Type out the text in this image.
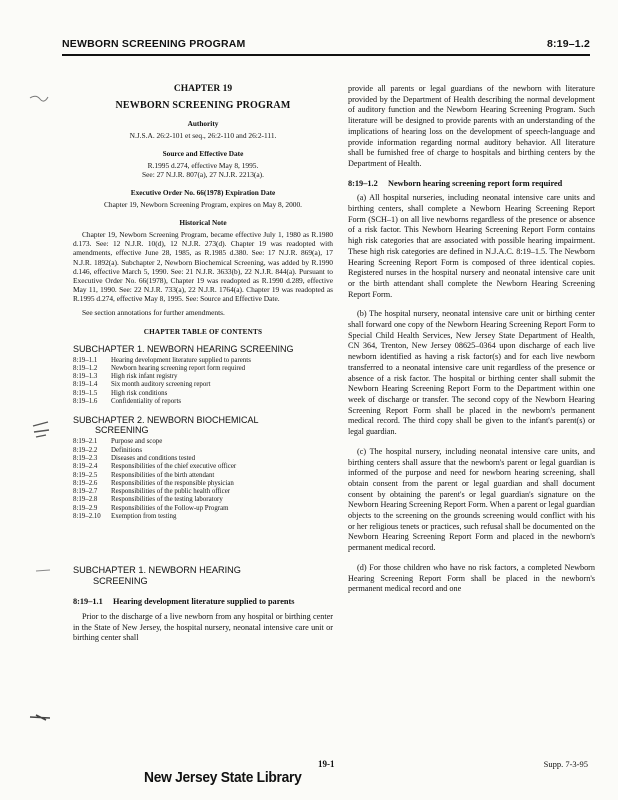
NEWBORN SCREENING PROGRAM	8:19–1.2

CHAPTER 19

NEWBORN SCREENING PROGRAM

Authority

N.J.S.A. 26:2-101 et seq., 26:2-110 and 26:2-111.

Source and Effective Date

R.1995 d.274, effective May 8, 1995.

See: 27 N.J.R. 807(a), 27 N.J.R. 2213(a).

Executive Order No. 66(1978) Expiration Date

Chapter 19, Newborn Screening Program, expires on May 8, 2000.

Historical Note

Chapter 19, Newborn Screening Program, became effective July 1, 1980 as R.1980 d.173. See: 12 N.J.R. 10(d), 12 N.J.R. 273(d). Chapter 19 was readopted with amendments, effective June 28, 1985, as R.1985 d.380. See: 17 N.J.R. 869(a), 17 N.J.R. 1892(a). Subchapter 2, Newborn Biochemical Screening, was added by R.1990 d.146, effective March 5, 1990. See: 21 N.J.R. 3633(b), 22 N.J.R. 844(a). Pursuant to Executive Order No. 66(1978), Chapter 19 was readopted as R.1990 d.289, effective May 11, 1990. See: 22 N.J.R. 733(a), 22 N.J.R. 1764(a). Chapter 19 was readopted as R.1995 d.274, effective May 8, 1995. See: Source and Effective Date.

See section annotations for further amendments.

CHAPTER TABLE OF CONTENTS

SUBCHAPTER 1. NEWBORN HEARING SCREENING

8:19–1.1	Hearing development literature supplied to parents
8:19–1.2	Newborn hearing screening report form required
8:19–1.3	High risk infant registry
8:19–1.4	Six month auditory screening report
8:19–1.5	High risk conditions
8:19–1.6	Confidentiality of reports

SUBCHAPTER 2. NEWBORN BIOCHEMICAL
SCREENING

8:19–2.1	Purpose and scope
8:19–2.2	Definitions
8:19–2.3	Diseases and conditions tested
8:19–2.4	Responsibilities of the chief executive officer
8:19–2.5	Responsibilities of the birth attendant
8:19–2.6	Responsibilities of the responsible physician
8:19–2.7	Responsibilities of the public health officer
8:19–2.8	Responsibilities of the testing laboratory
8:19–2.9	Responsibilities of the Follow-up Program
8:19–2.10	Exemption from testing
SUBCHAPTER 1. NEWBORN HEARING
SCREENING
8:19–1.1	Hearing development literature supplied to parents

Prior to the discharge of a live newborn from any hospital or birthing center in the State of New Jersey, the hospital nursery, neonatal intensive care unit or birthing center shall

provide all parents or legal guardians of the newborn with literature provided by the Department of Health describing the normal development of auditory function and the Newborn Hearing Screening Program. Such literature will be designed to provide parents with an understanding of the implications of hearing loss on the development of speech-language and provide information regarding normal auditory behavior. All literature shall be furnished free of charge to hospitals and birthing centers by the Department of Health.

8:19–1.2	Newborn hearing screening report form required

(a) All hospital nurseries, including neonatal intensive care units and birthing centers, shall complete a Newborn Hearing Screening Report Form (SCH–1) on all live newborns regardless of the presence or absence of a risk factor. This Newborn Hearing Screening Report Form contains high risk categories that are associated with possible hearing impairment. These high risk categories are defined in N.J.A.C. 8:19–1.5. The Newborn Hearing Screening Report Form is composed of three identical copies. Registered nurses in the hospital nursery and neonatal intensive care unit or the birth attendant shall complete the Newborn Hearing Screening Report Form.

(b) The hospital nursery, neonatal intensive care unit or birthing center shall forward one copy of the Newborn Hearing Screening Report Form to Special Child Health Services, New Jersey State Department of Health, CN 364, Trenton, New Jersey 08625–0364 upon discharge of each live newborn identified as having a risk factor(s) and for each live newborn transferred to a neonatal intensive care unit regardless of the presence or absence of a risk factor. The hospital or birthing center shall submit the Newborn Hearing Screening Report Form to the Department within one week of discharge or transfer. The second copy of the Newborn Hearing Screening Report Form shall be placed in the newborn's permanent medical record. The third copy shall be given to the infant's parent(s) or legal guardian.

(c) The hospital nursery, including neonatal intensive care units, and birthing centers shall assure that the newborn's parent or legal guardian is informed of the purpose and need for newborn hearing screening, shall obtain consent from the parent or legal guardian and shall document consent by obtaining the parent's or legal guardian's signature on the Newborn Hearing Screening Report Form. When a parent or legal guardian objects to the screening on the grounds screening would conflict with his or her religious tenets or practices, such refusal shall be documented on the Newborn Hearing Screening Report Form and placed in the newborn's permanent medical record.

(d) For those children who have no risk factors, a completed Newborn Hearing Screening Report Form shall be placed in the newborn's permanent medical record and one

19-1	Supp. 7-3-95
New Jersey State Library
